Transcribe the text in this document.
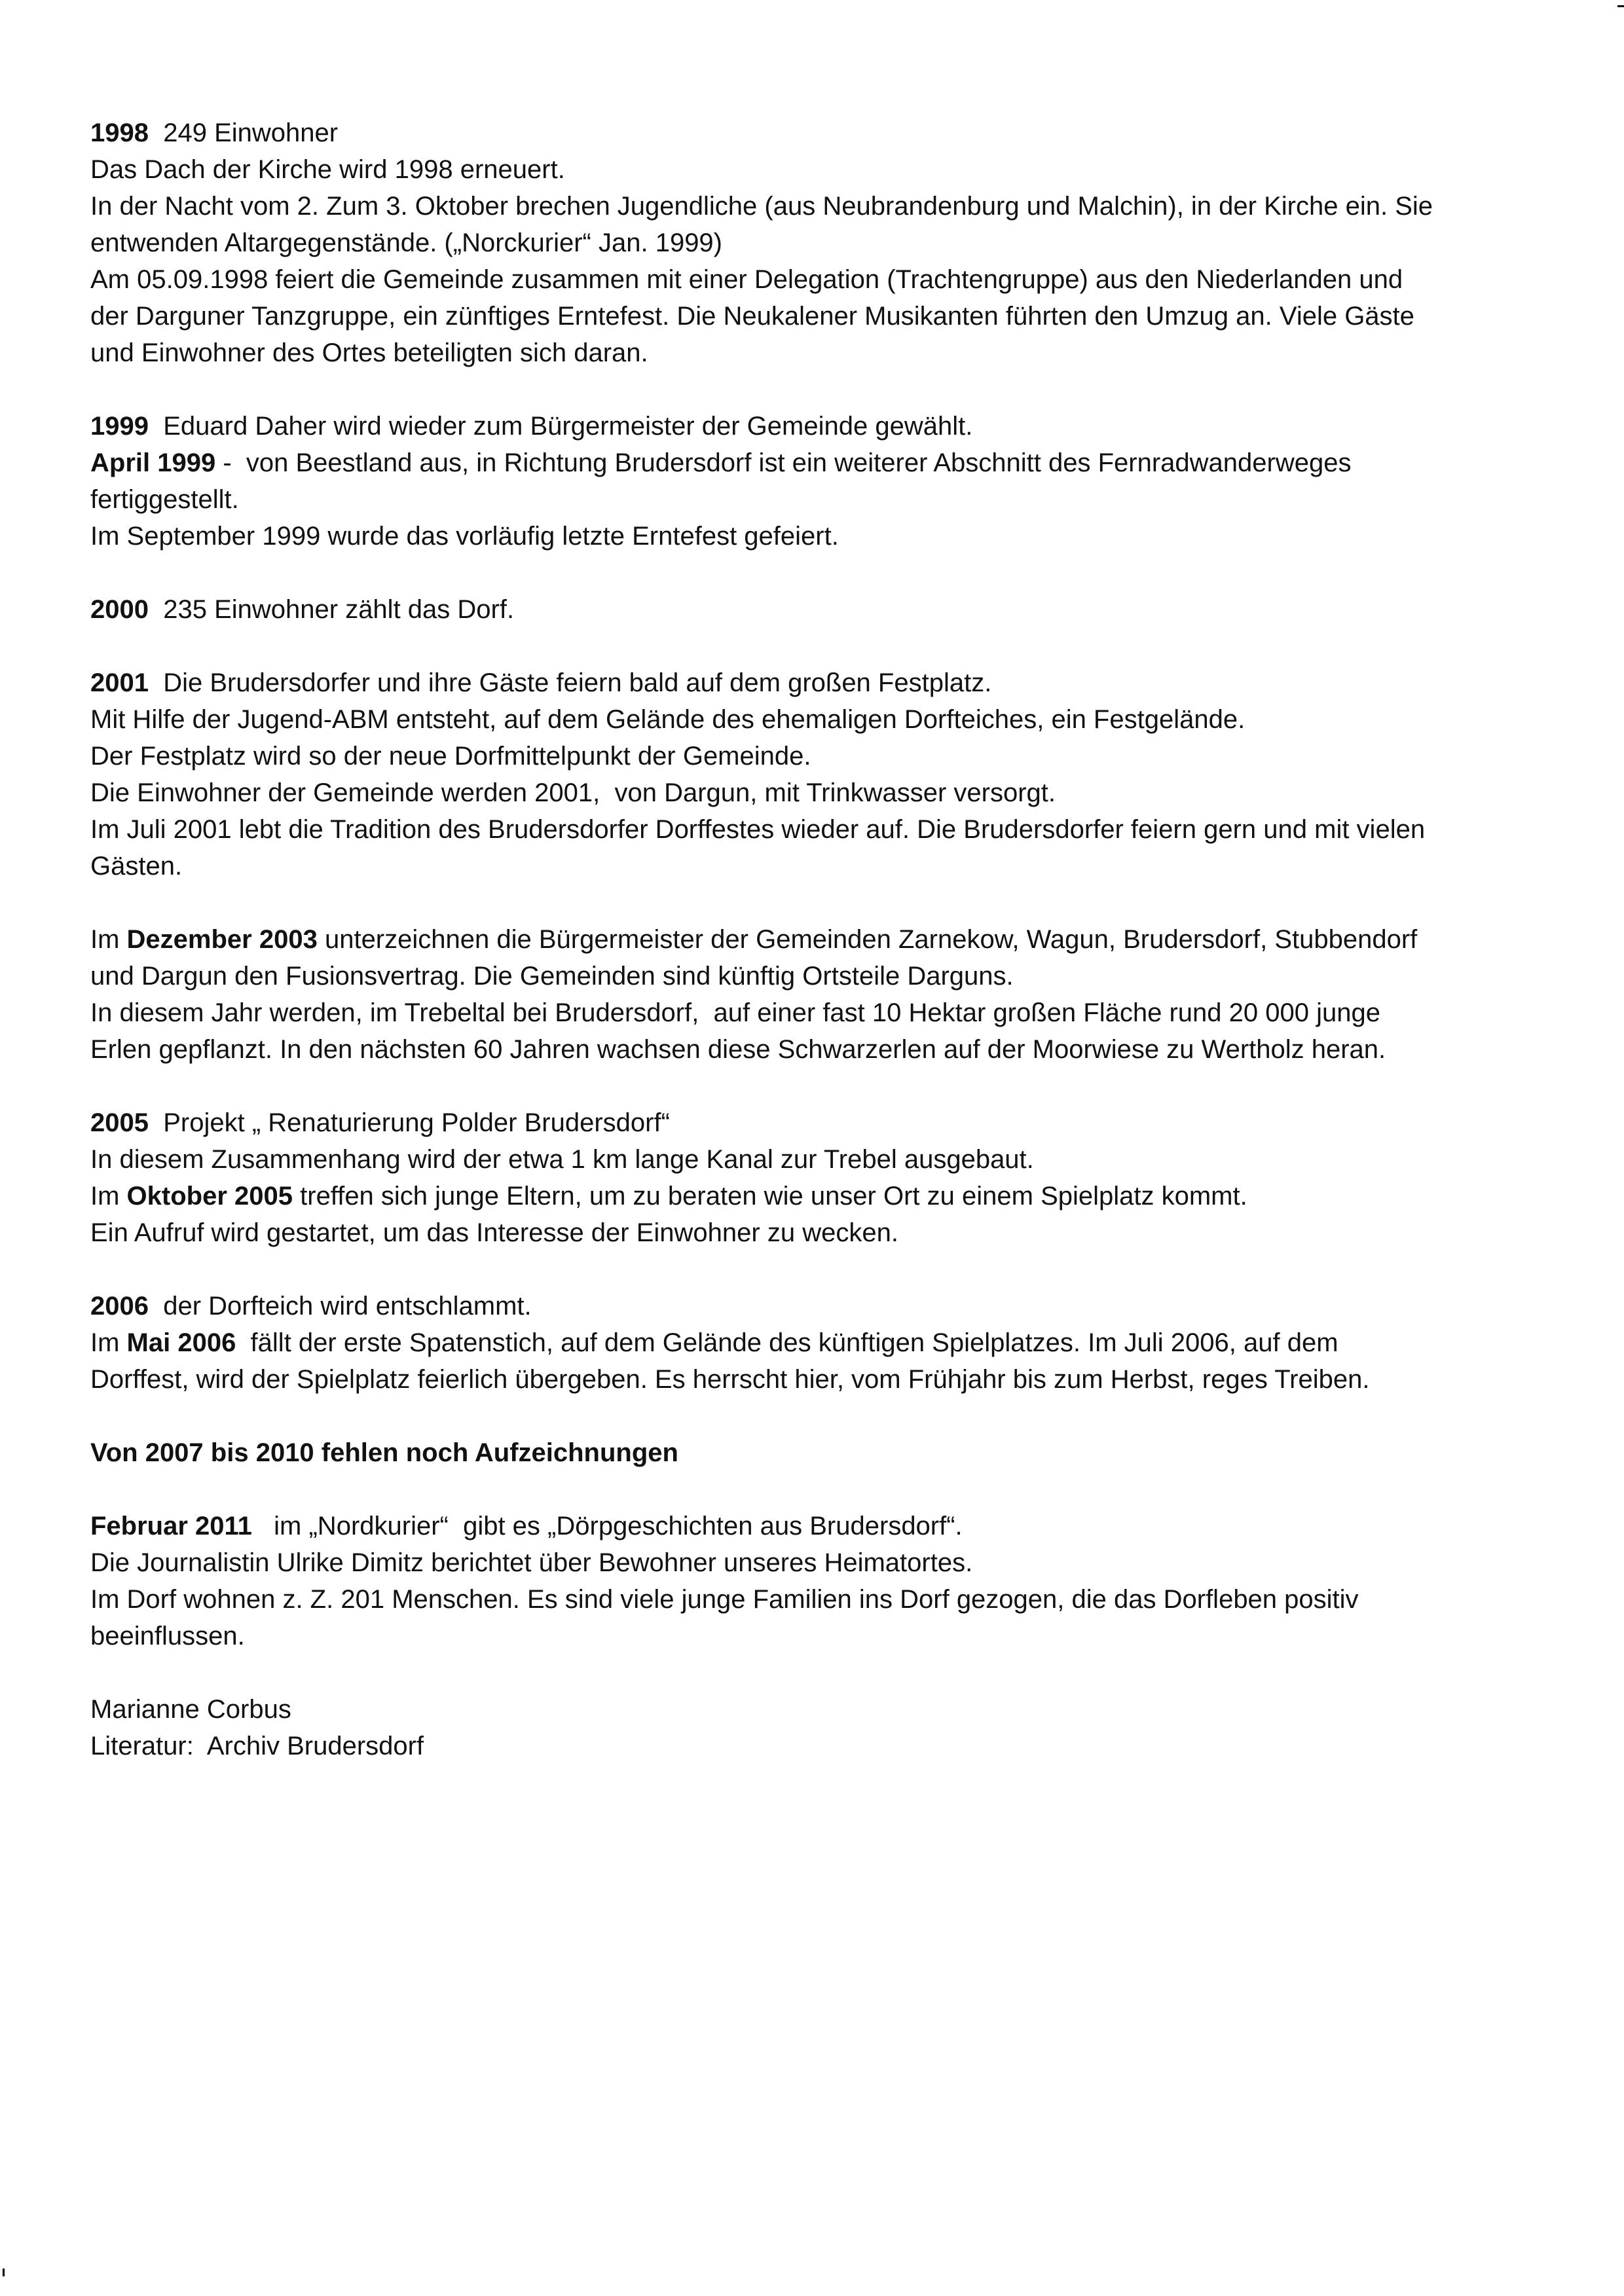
1998 249 Einwohner
Das Dach der Kirche wird 1998 erneuert.
In der Nacht vom 2. Zum 3. Oktober brechen Jugendliche (aus Neubrandenburg und Malchin), in der Kirche ein. Sie entwenden Altargegenstände. („Norckurier“ Jan. 1999)
Am 05.09.1998 feiert die Gemeinde zusammen mit einer Delegation (Trachtengruppe) aus den Niederlanden und der Darguner Tanzgruppe, ein zünftiges Erntefest. Die Neukalener Musikanten führten den Umzug an. Viele Gäste und Einwohner des Ortes beteiligten sich daran.
1999 Eduard Daher wird wieder zum Bürgermeister der Gemeinde gewählt.
April 1999 -  von Beestland aus, in Richtung Brudersdorf ist ein weiterer Abschnitt des Fernradwanderweges fertiggestellt.
Im September 1999 wurde das vorläufig letzte Erntefest gefeiert.
2000 235 Einwohner zählt das Dorf.
2001 Die Brudersdorfer und ihre Gäste feiern bald auf dem großen Festplatz.
Mit Hilfe der Jugend-ABM entsteht, auf dem Gelände des ehemaligen Dorfteiches, ein Festgelände.
Der Festplatz wird so der neue Dorfmittelpunkt der Gemeinde.
Die Einwohner der Gemeinde werden 2001,  von Dargun, mit Trinkwasser versorgt.
Im Juli 2001 lebt die Tradition des Brudersdorfer Dorffestes wieder auf. Die Brudersdorfer feiern gern und mit vielen Gästen.
Im Dezember 2003 unterzeichnen die Bürgermeister der Gemeinden Zarnekow, Wagun, Brudersdorf, Stubbendorf und Dargun den Fusionsvertrag. Die Gemeinden sind künftig Ortsteile Darguns.
In diesem Jahr werden, im Trebeltal bei Brudersdorf,  auf einer fast 10 Hektar großen Fläche rund 20 000 junge Erlen gepflanzt. In den nächsten 60 Jahren wachsen diese Schwarzerlen auf der Moorwiese zu Wertholz heran.
2005 Projekt „ Renaturierung Polder Brudersdorf“
In diesem Zusammenhang wird der etwa 1 km lange Kanal zur Trebel ausgebaut.
Im Oktober 2005 treffen sich junge Eltern, um zu beraten wie unser Ort zu einem Spielplatz kommt.
Ein Aufruf wird gestartet, um das Interesse der Einwohner zu wecken.
2006 der Dorfteich wird entschlammt.
Im Mai 2006  fällt der erste Spatenstich, auf dem Gelände des künftigen Spielplatzes. Im Juli 2006, auf dem Dorffest, wird der Spielplatz feierlich übergeben. Es herrscht hier, vom Frühjahr bis zum Herbst, reges Treiben.
Von 2007 bis 2010 fehlen noch Aufzeichnungen
Februar 2011   im „Nordkurier“  gibt es „Dörpgeschichten aus Brudersdorf“.
Die Journalistin Ulrike Dimitz berichtet über Bewohner unseres Heimatortes.
Im Dorf wohnen z. Z. 201 Menschen. Es sind viele junge Familien ins Dorf gezogen, die das Dorfleben positiv beeinflussen.
Marianne Corbus
Literatur:  Archiv Brudersdorf
